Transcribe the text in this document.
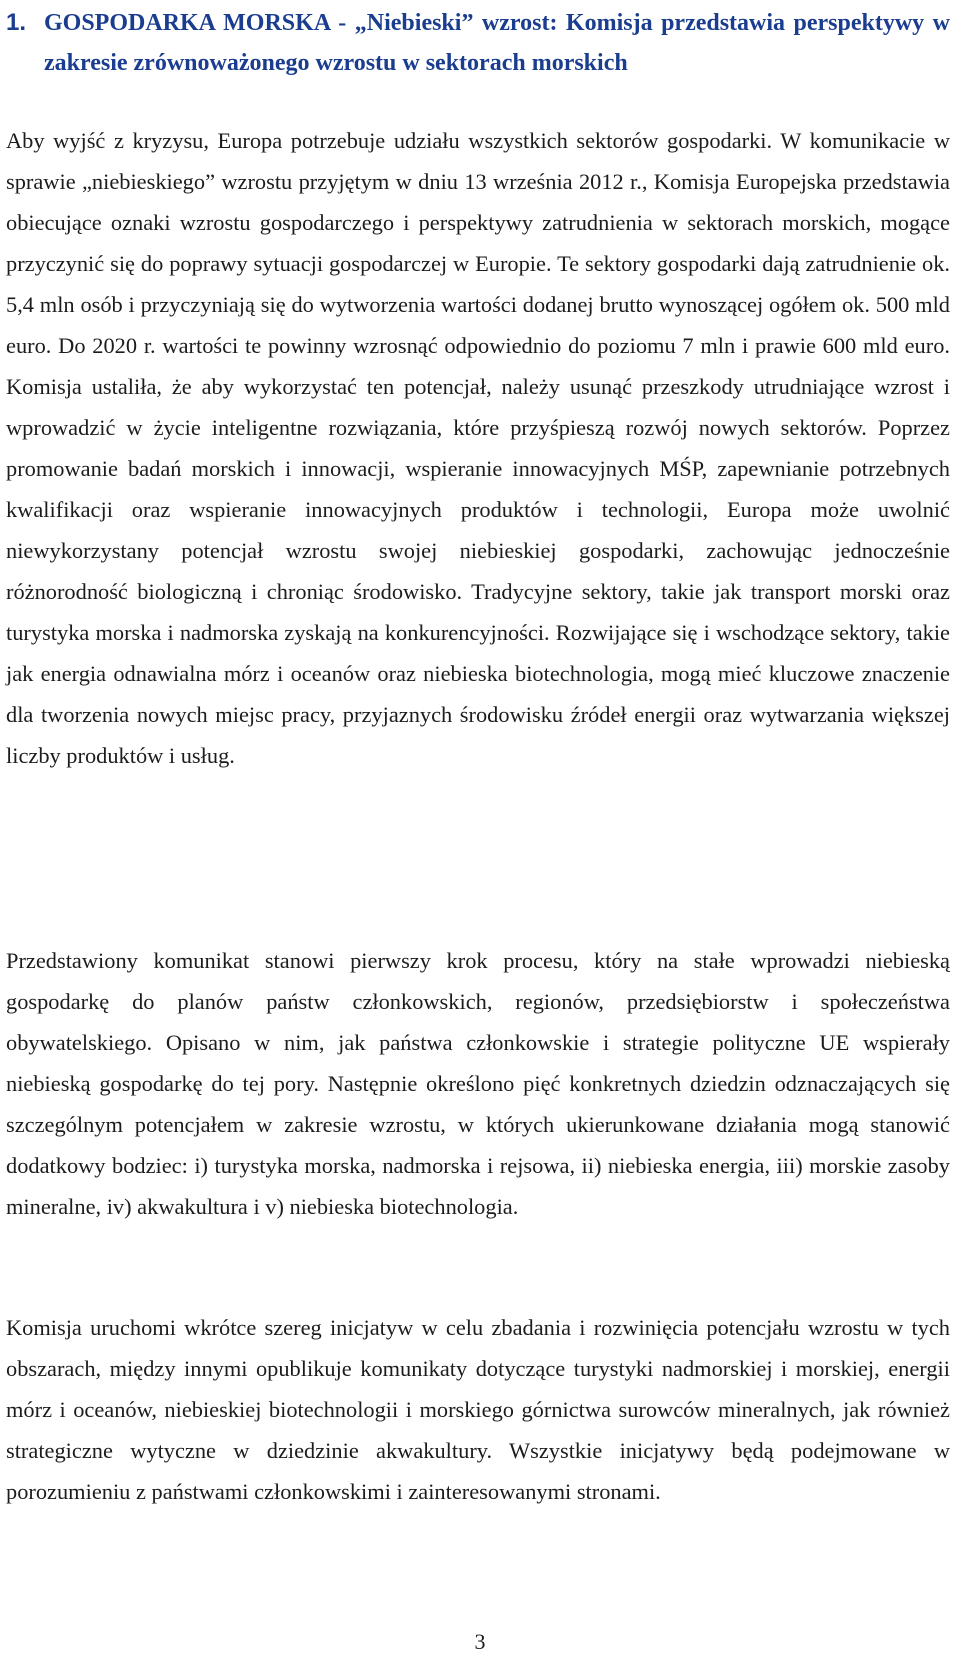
1. GOSPODARKA MORSKA - „Niebieski” wzrost: Komisja przedstawia perspektywy w zakresie zrównoważonego wzrostu w sektorach morskich

Aby wyjść z kryzysu, Europa potrzebuje udziału wszystkich sektorów gospodarki. W komunikacie w sprawie „niebieskiego” wzrostu przyjętym w dniu 13 września 2012 r., Komisja Europejska przedstawia obiecujące oznaki wzrostu gospodarczego i perspektywy zatrudnienia w sektorach morskich, mogące przyczynić się do poprawy sytuacji gospodarczej w Europie. Te sektory gospodarki dają zatrudnienie ok. 5,4 mln osób i przyczyniają się do wytworzenia wartości dodanej brutto wynoszącej ogółem ok. 500 mld euro. Do 2020 r. wartości te powinny wzrosnąć odpowiednio do poziomu 7 mln i prawie 600 mld euro. Komisja ustaliła, że aby wykorzystać ten potencjał, należy usunąć przeszkody utrudniające wzrost i wprowadzić w życie inteligentne rozwiązania, które przyśpieszą rozwój nowych sektorów. Poprzez promowanie badań morskich i innowacji, wspieranie innowacyjnych MŚP, zapewnianie potrzebnych kwalifikacji oraz wspieranie innowacyjnych produktów i technologii, Europa może uwolnić niewykorzystany potencjał wzrostu swojej niebieskiej gospodarki, zachowując jednocześnie różnorodność biologiczną i chroniąc środowisko. Tradycyjne sektory, takie jak transport morski oraz turystyka morska i nadmorska zyskają na konkurencyjności. Rozwijające się i wschodzące sektory, takie jak energia odnawialna mórz i oceanów oraz niebieska biotechnologia, mogą mieć kluczowe znaczenie dla tworzenia nowych miejsc pracy, przyjaznych środowisku źródeł energii oraz wytwarzania większej liczby produktów i usług.

Przedstawiony komunikat stanowi pierwszy krok procesu, który na stałe wprowadzi niebieską gospodarkę do planów państw członkowskich, regionów, przedsiębiorstw i społeczeństwa obywatelskiego. Opisano w nim, jak państwa członkowskie i strategie polityczne UE wspierały niebieską gospodarkę do tej pory. Następnie określono pięć konkretnych dziedzin odznaczających się szczególnym potencjałem w zakresie wzrostu, w których ukierunkowane działania mogą stanowić dodatkowy bodziec: i) turystyka morska, nadmorska i rejsowa, ii) niebieska energia, iii) morskie zasoby mineralne, iv) akwakultura i v) niebieska biotechnologia.

Komisja uruchomi wkrótce szereg inicjatyw w celu zbadania i rozwinięcia potencjału wzrostu w tych obszarach, między innymi opublikuje komunikaty dotyczące turystyki nadmorskiej i morskiej, energii mórz i oceanów, niebieskiej biotechnologii i morskiego górnictwa surowców mineralnych, jak również strategiczne wytyczne w dziedzinie akwakultury. Wszystkie inicjatywy będą podejmowane w porozumieniu z państwami członkowskimi i zainteresowanymi stronami.

3
